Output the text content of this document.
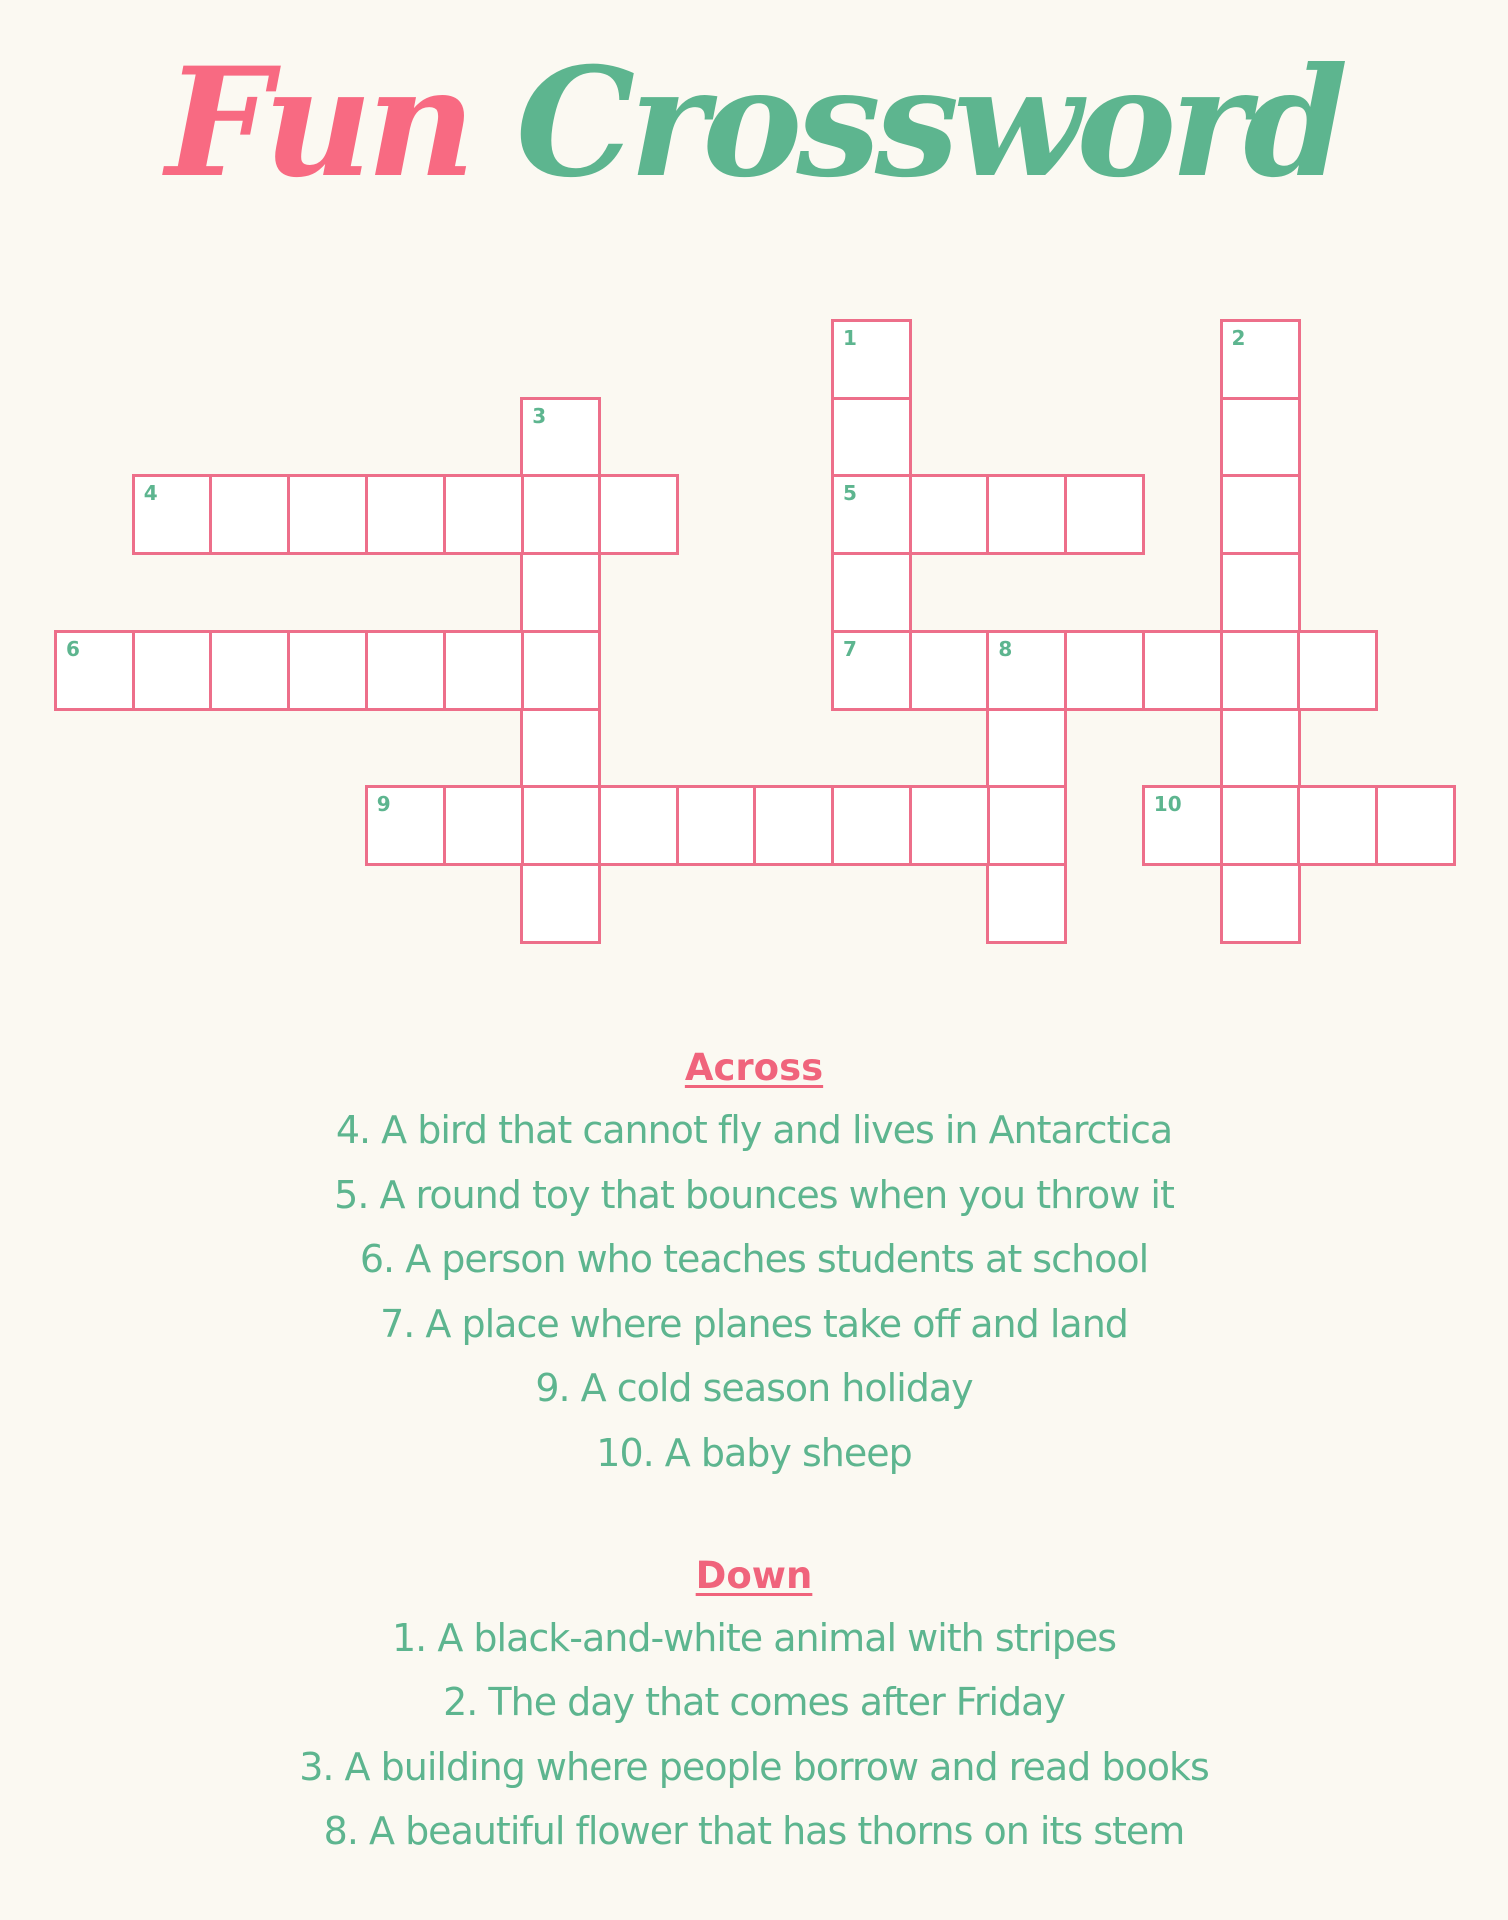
Fun Crossword
1
5
7
2
3
4
6	8
9	10
Across
4. A bird that cannot fly and lives in Antarctica
5. A round toy that bounces when you throw it
6. A person who teaches students at school
7. A place where planes take off and land
9. A cold season holiday
10. A baby sheep
Down
1. A black-and-white animal with stripes
2. The day that comes after Friday
3. A building where people borrow and read books
8. A beautiful flower that has thorns on its stem
